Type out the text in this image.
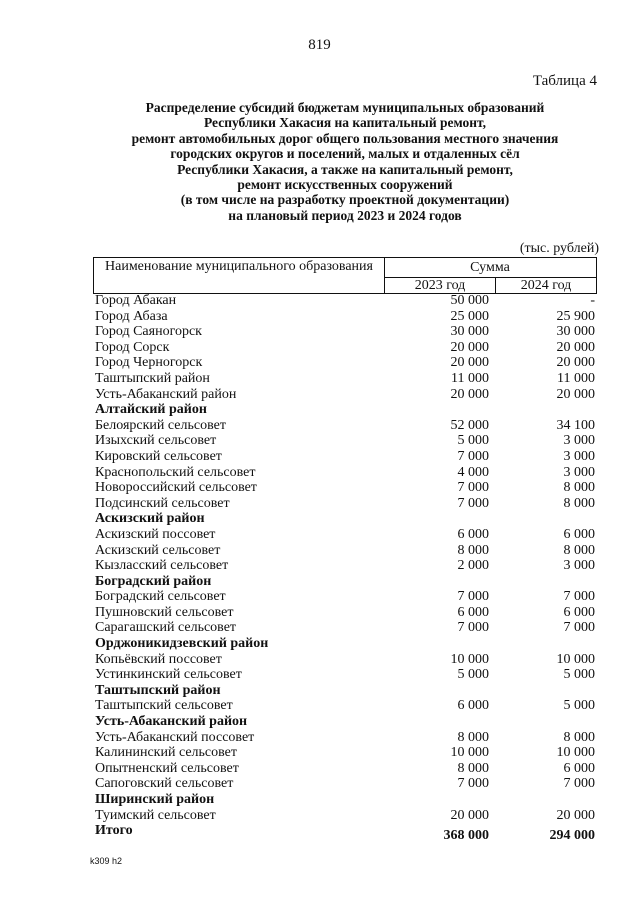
819
Таблица 4
Распределение субсидий бюджетам муниципальных образований
Республики Хакасия на капитальный ремонт,
ремонт автомобильных дорог общего пользования местного значения
городских округов и поселений, малых и отдаленных сёл
Республики Хакасия, а также на капитальный ремонт,
ремонт искусственных сооружений
(в том числе на разработку проектной документации)
на плановый период 2023 и 2024 годов
(тыс. рублей)
Наименование муниципального образования	Сумма
2023 год	2024 год
Город Абакан	50 000	-
Город Абаза	25 000	25 900
Город Саяногорск	30 000	30 000
Город Сорск	20 000	20 000
Город Черногорск	20 000	20 000
Таштыпский район	11 000	11 000
Усть-Абаканский район	20 000	20 000
Алтайский район
Белоярский сельсовет	52 000	34 100
Изыхский сельсовет	5 000	3 000
Кировский сельсовет	7 000	3 000
Краснопольский сельсовет	4 000	3 000
Новороссийский сельсовет	7 000	8 000
Подсинский сельсовет	7 000	8 000
Аскизский район
Аскизский поссовет	6 000	6 000
Аскизский сельсовет	8 000	8 000
Кызласский сельсовет	2 000	3 000
Боградский район
Боградский сельсовет	7 000	7 000
Пушновский сельсовет	6 000	6 000
Сарагашский сельсовет	7 000	7 000
Орджоникидзевский район
Копьёвский поссовет	10 000	10 000
Устинкинский сельсовет	5 000	5 000
Таштыпский район
Таштыпский сельсовет	6 000	5 000
Усть-Абаканский район
Усть-Абаканский поссовет	8 000	8 000
Калининский сельсовет	10 000	10 000
Опытненский сельсовет	8 000	6 000
Сапоговский сельсовет	7 000	7 000
Ширинский район
Туимский сельсовет	20 000	20 000
Итого	368 000	294 000
k309 h2
